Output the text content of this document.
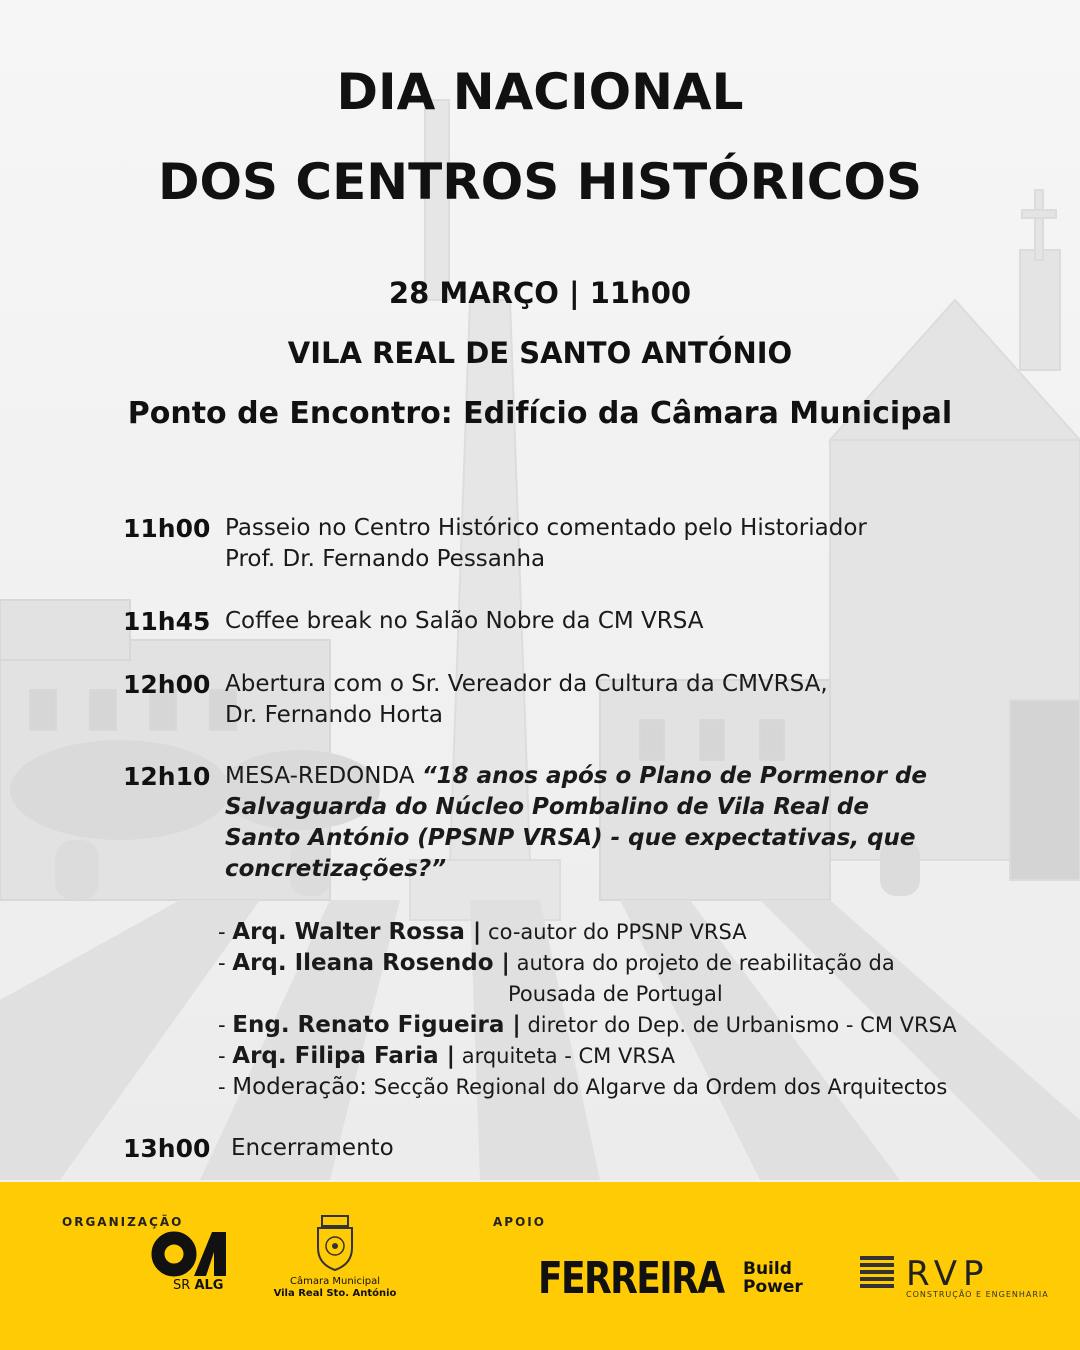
DIA NACIONAL
DOS CENTROS HISTÓRICOS
28 MARÇO | 11h00
VILA REAL DE SANTO ANTÓNIO
Ponto de Encontro: Edifício da Câmara Municipal
11h00 Passeio no Centro Histórico comentado pelo Historiador
Prof. Dr. Fernando Pessanha
11h45 Coffee break no Salão Nobre da CM VRSA
12h00 Abertura com o Sr. Vereador da Cultura da CMVRSA,
Dr. Fernando Horta
12h10 MESA-REDONDA “18 anos após o Plano de Pormenor de
Salvaguarda do Núcleo Pombalino de Vila Real de
Santo António (PPSNP VRSA) - que expectativas, que
concretizações?”
- Arq. Walter Rossa | co-autor do PPSNP VRSA
- Arq. Ileana Rosendo | autora do projeto de reabilitação da
Pousada de Portugal
- Eng. Renato Figueira | diretor do Dep. de Urbanismo - CM VRSA
- Arq. Filipa Faria | arquiteta - CM VRSA
- Moderação: Secção Regional do Algarve da Ordem dos Arquitectos
13h00 Encerramento
ORGANIZAÇÃO	APOIO
SR ALG	Câmara Municipal
Vila Real Sto. António	FERREIRA Build
Power	RVP
CONSTRUÇÃO E ENGENHARIA
